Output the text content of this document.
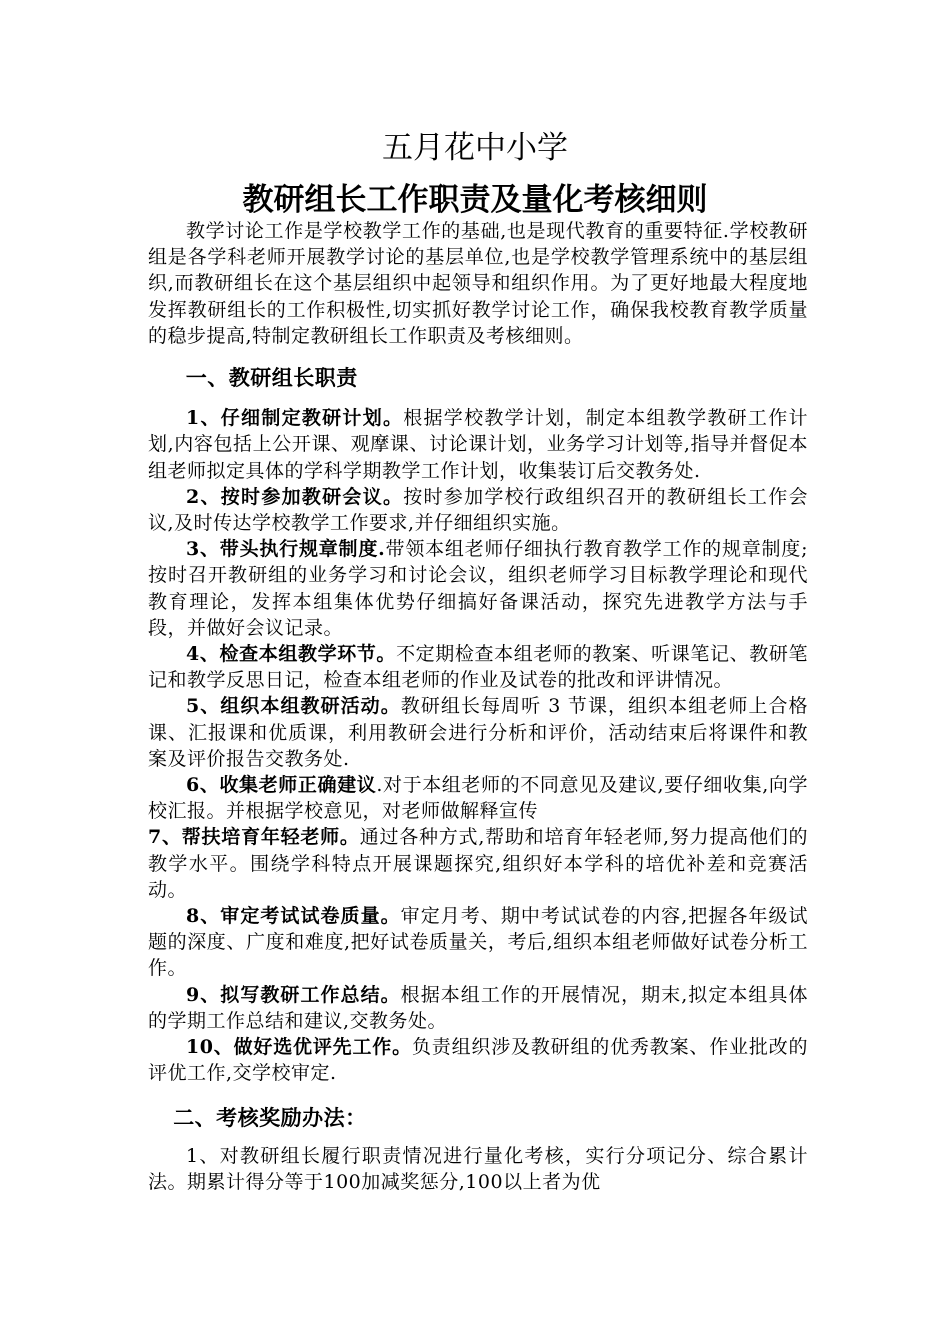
五月花中小学
教研组长工作职责及量化考核细则

教学讨论工作是学校教学工作的基础,也是现代教育的重要特征.学校教研组是各学科老师开展教学讨论的基层单位,也是学校教学管理系统中的基层组织,而教研组长在这个基层组织中起领导和组织作用。为了更好地最大程度地发挥教研组长的工作积极性,切实抓好教学讨论工作，确保我校教育教学质量的稳步提高,特制定教研组长工作职责及考核细则。

一、教研组长职责

1、仔细制定教研计划。根据学校教学计划，制定本组教学教研工作计划,内容包括上公开课、观摩课、讨论课计划，业务学习计划等,指导并督促本组老师拟定具体的学科学期教学工作计划，收集装订后交教务处.

2、按时参加教研会议。按时参加学校行政组织召开的教研组长工作会议,及时传达学校教学工作要求,并仔细组织实施。

3、带头执行规章制度.带领本组老师仔细执行教育教学工作的规章制度;按时召开教研组的业务学习和讨论会议，组织老师学习目标教学理论和现代教育理论，发挥本组集体优势仔细搞好备课活动，探究先进教学方法与手段，并做好会议记录。

4、检查本组教学环节。不定期检查本组老师的教案、听课笔记、教研笔记和教学反思日记，检查本组老师的作业及试卷的批改和评讲情况。

5、组织本组教研活动。教研组长每周听 3 节课，组织本组老师上合格课、汇报课和优质课，利用教研会进行分析和评价，活动结束后将课件和教案及评价报告交教务处.

6、收集老师正确建议.对于本组老师的不同意见及建议,要仔细收集,向学校汇报。并根据学校意见，对老师做解释宣传

7、帮扶培育年轻老师。通过各种方式,帮助和培育年轻老师,努力提高他们的教学水平。围绕学科特点开展课题探究,组织好本学科的培优补差和竞赛活动。

8、审定考试试卷质量。审定月考、期中考试试卷的内容,把握各年级试题的深度、广度和难度,把好试卷质量关，考后,组织本组老师做好试卷分析工作。

9、拟写教研工作总结。根据本组工作的开展情况，期末,拟定本组具体的学期工作总结和建议,交教务处。

10、做好选优评先工作。负责组织涉及教研组的优秀教案、作业批改的评优工作,交学校审定.

二、考核奖励办法：

1、对教研组长履行职责情况进行量化考核，实行分项记分、综合累计法。期累计得分等于100加减奖惩分,100以上者为优
